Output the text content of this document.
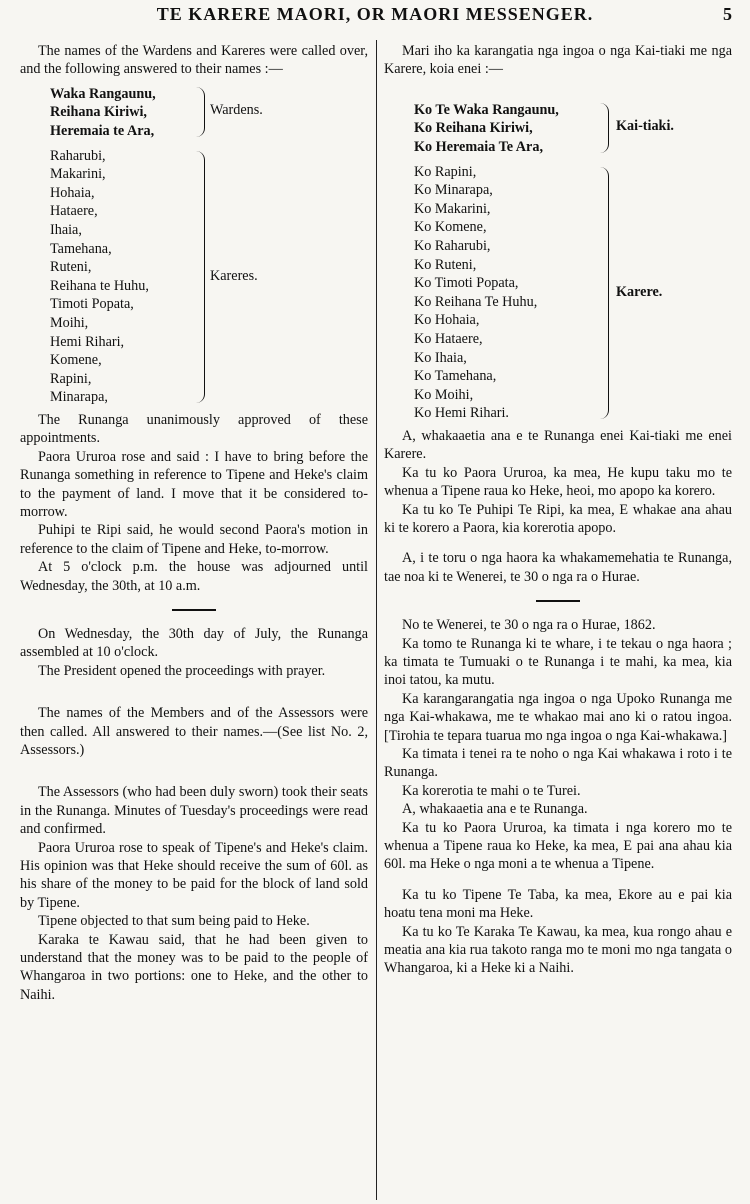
TE KARERE MAORI, OR MAORI MESSENGER.	5

The names of the Wardens and Kareres were called over, and the following answered to their names :—

Waka Rangaunu,
Reihana Kiriwi,
Heremaia te Ara,
Wardens.
Raharubi,
Makarini,
Hohaia,
Hataere,
Ihaia,
Tamehana,
Ruteni,
Reihana te Huhu,
Timoti Popata,
Moihi,
Hemi Rihari,
Komene,
Rapini,
Minarapa,
Kareres.

The Runanga unanimously approved of these appointments.

Paora Ururoa rose and said : I have to bring before the Runanga something in reference to Tipene and Heke's claim to the payment of land. I move that it be considered to-morrow.

Puhipi te Ripi said, he would second Paora's motion in reference to the claim of Tipene and Heke, to-morrow.

At 5 o'clock p.m. the house was adjourned until Wednesday, the 30th, at 10 a.m.

On Wednesday, the 30th day of July, the Runanga assembled at 10 o'clock.

The President opened the proceedings with prayer.

The names of the Members and of the Assessors were then called. All answered to their names.—(See list No. 2, Assessors.)

The Assessors (who had been duly sworn) took their seats in the Runanga. Minutes of Tuesday's proceedings were read and confirmed.

Paora Ururoa rose to speak of Tipene's and Heke's claim. His opinion was that Heke should receive the sum of 60l. as his share of the money to be paid for the block of land sold by Tipene.

Tipene objected to that sum being paid to Heke.

Karaka te Kawau said, that he had been given to understand that the money was to be paid to the people of Whangaroa in two portions: one to Heke, and the other to Naihi.

Mari iho ka karangatia nga ingoa o nga Kai-tiaki me nga Karere, koia enei :—

Ko Te Waka Rangaunu,
Ko Reihana Kiriwi,
Ko Heremaia Te Ara,
Kai-tiaki.
Ko Rapini,
Ko Minarapa,
Ko Makarini,
Ko Komene,
Ko Raharubi,
Ko Ruteni,
Ko Timoti Popata,
Ko Reihana Te Huhu,
Ko Hohaia,
Ko Hataere,
Ko Ihaia,
Ko Tamehana,
Ko Moihi,
Ko Hemi Rihari.
Karere.

A, whakaaetia ana e te Runanga enei Kai-tiaki me enei Karere.

Ka tu ko Paora Ururoa, ka mea, He kupu taku mo te whenua a Tipene raua ko Heke, heoi, mo apopo ka korero.

Ka tu ko Te Puhipi Te Ripi, ka mea, E whakae ana ahau ki te korero a Paora, kia korerotia apopo.

A, i te toru o nga haora ka whakamemehatia te Runanga, tae noa ki te Wenerei, te 30 o nga ra o Hurae.

No te Wenerei, te 30 o nga ra o Hurae, 1862.

Ka tomo te Runanga ki te whare, i te tekau o nga haora ; ka timata te Tumuaki o te Runanga i te mahi, ka mea, kia inoi tatou, ka mutu.

Ka karangarangatia nga ingoa o nga Upoko Runanga me nga Kai-whakawa, me te whakao mai ano ki o ratou ingoa. [Tirohia te tepara tuarua mo nga ingoa o nga Kai-whakawa.]

Ka timata i tenei ra te noho o nga Kai whakawa i roto i te Runanga.

Ka korerotia te mahi o te Turei.

A, whakaaetia ana e te Runanga.

Ka tu ko Paora Ururoa, ka timata i nga korero mo te whenua a Tipene raua ko Heke, ka mea, E pai ana ahau kia 60l. ma Heke o nga moni a te whenua a Tipene.

Ka tu ko Tipene Te Taba, ka mea, Ekore au e pai kia hoatu tena moni ma Heke.

Ka tu ko Te Karaka Te Kawau, ka mea, kua rongo ahau e meatia ana kia rua takoto ranga mo te moni mo nga tangata o Whangaroa, ki a Heke ki a Naihi.
